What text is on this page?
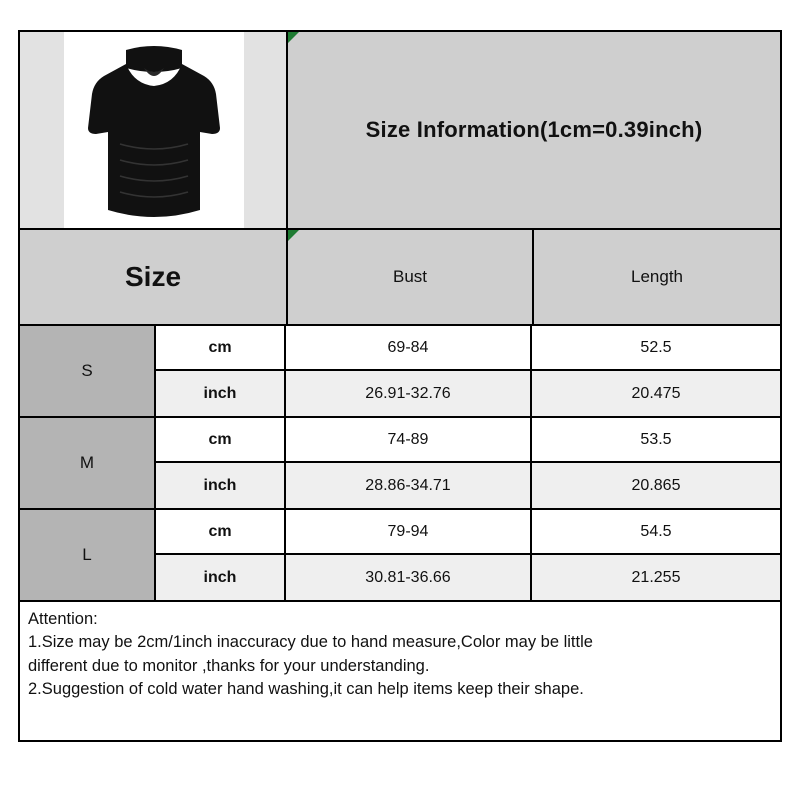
Size Information(1cm=0.39inch)
Size	Bust	Length
S
cm	69-84	52.5
inch	26.91-32.76	20.475
M
cm	74-89	53.5
inch	28.86-34.71	20.865
L
cm	79-94	54.5
inch	30.81-36.66	21.255
Attention:
1.Size may be 2cm/1inch inaccuracy due to hand measure,Color may be little
different due to monitor ,thanks for your understanding.
2.Suggestion of cold water hand washing,it can help items keep their shape.
